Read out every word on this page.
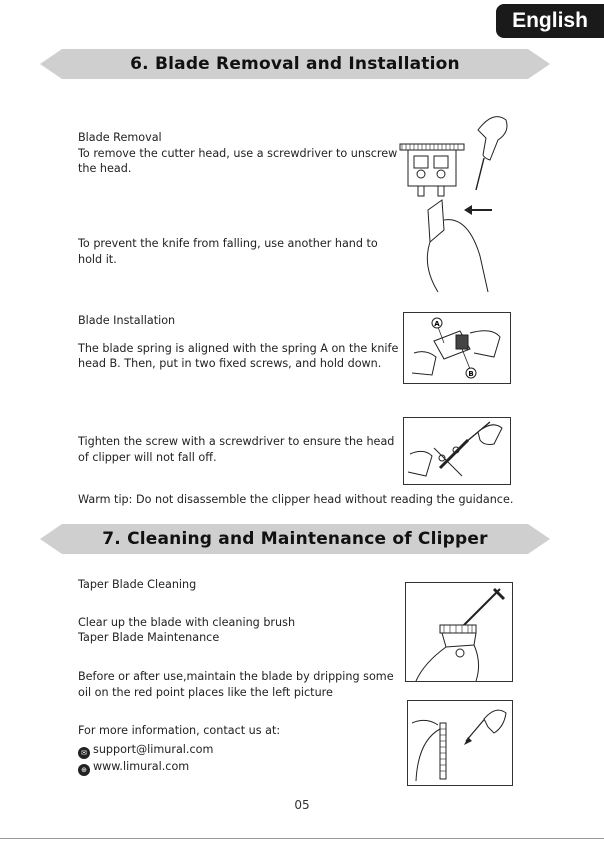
English
6. Blade Removal and Installation

Blade Removal

To remove the cutter head, use a screwdriver to unscrew

the head.

To prevent the knife from falling, use another hand to

hold it.

Blade Installation

The blade spring is aligned with the spring A on the knife

head B. Then, put in two fixed screws, and hold down.

A
B

Tighten the screw with a screwdriver to ensure the head

of clipper will not fall off.

Warm tip: Do not disassemble the clipper head without reading the guidance.
7. Cleaning and Maintenance of Clipper

Taper Blade Cleaning

Clear up the blade with cleaning brush

Taper Blade Maintenance

Before or after use,maintain the blade by dripping some

oil on the red point places like the left picture

For more information, contact us at:

✉ support@limural.com

⊕ www.limural.com

05
